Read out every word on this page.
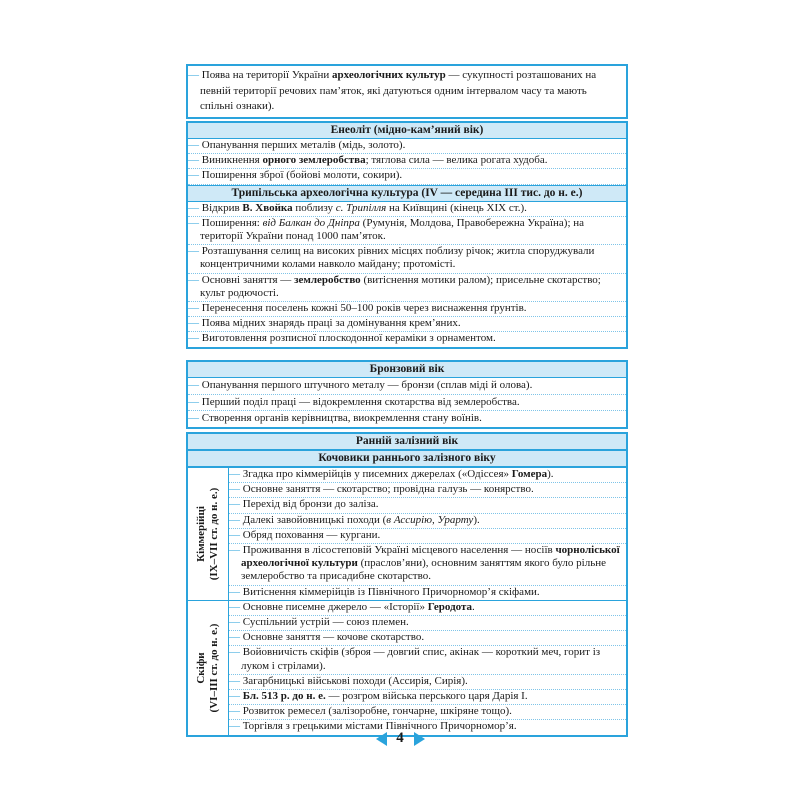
— Поява на території України археологічних культур — сукупності розташованих на певній території речових пам’яток, які датуються одним інтервалом часу та мають спільні ознаки).
Енеоліт (мідно-кам’яний вік)
— Опанування перших металів (мідь, золото).
— Виникнення орного землеробства; тяглова сила — велика рогата худоба.
— Поширення зброї (бойові молоти, сокири).
Трипільська археологічна культура (IV — середина III тис. до н. е.)
— Відкрив В. Хвойка поблизу с. Трипілля на Київщині (кінець XIX ст.).
— Поширення: від Балкан до Дніпра (Румунія, Молдова, Правобережна Україна); на території України понад 1000 пам’яток.
— Розташування селищ на високих рівних місцях поблизу річок; житла споруджували концентричними колами навколо майдану; протомісті.
— Основні заняття — землеробство (витіснення мотики ралом); присельне скотарство; культ родючості.
— Перенесення поселень кожні 50–100 років через виснаження ґрунтів.
— Поява мідних знарядь праці за домінування крем’яних.
— Виготовлення розписної плоскодонної кераміки з орнаментом.
Бронзовий вік
— Опанування першого штучного металу — бронзи (сплав міді й олова).
— Перший поділ праці — відокремлення скотарства від землеробства.
— Створення органів керівництва, виокремлення стану воїнів.
Ранній залізний вік
Кочовики раннього залізного віку
Кіммерійці (IX–VII ст. до н. е.)
— Згадка про кіммерійців у писемних джерелах («Одіссея» Гомера).
— Основне заняття — скотарство; провідна галузь — конярство.
— Перехід від бронзи до заліза.
— Далекі завойовницькі походи (в Ассирію, Урарту).
— Обряд поховання — кургани.
— Проживання в лісостеповій Україні місцевого населення — носіїв чорноліської археологічної культури (праслов’яни), основним заняттям якого було рільне землеробство та присадибне скотарство.
— Витіснення кіммерійців із Північного Причорномор’я скіфами.
Скіфи (VI–III ст. до н. е.)
— Основне писемне джерело — «Історії» Геродота.
— Суспільний устрій — союз племен.
— Основне заняття — кочове скотарство.
— Войовничість скіфів (зброя — довгий спис, акінак — короткий меч, горит із луком і стрілами).
— Загарбницькі військові походи (Ассирія, Сирія).
— Бл. 513 р. до н. е. — розгром війська перського царя Дарія I.
— Розвиток ремесел (залізоробне, гончарне, шкіряне тощо).
— Торгівля з грецькими містами Північного Причорномор’я.
4
